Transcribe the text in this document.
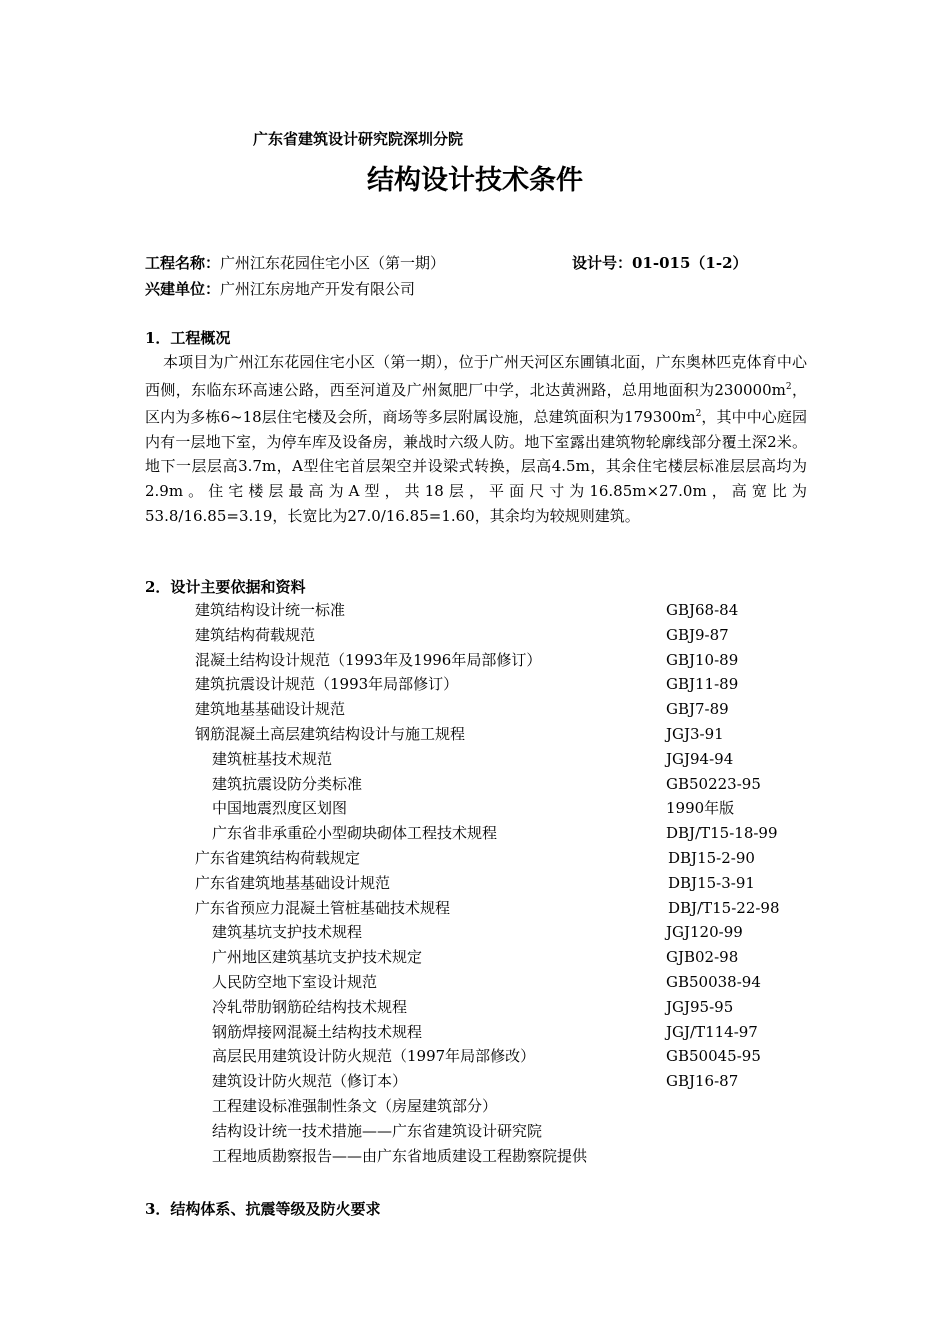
广东省建筑设计研究院深圳分院
结构设计技术条件
工程名称：广州江东花园住宅小区（第一期）	设计号：01-015（1-2）
兴建单位：广州江东房地产开发有限公司
1．工程概况

本项目为广州江东花园住宅小区（第一期），位于广州天河区东圃镇北面，广东奥林匹克体育中心西侧，东临东环高速公路，西至河道及广州氮肥厂中学，北达黄洲路，总用地面积为$230000m^2$，区内为多栋6~18层住宅楼及会所，商场等多层附属设施，总建筑面积为$179300m^2$，其中中心庭园内有一层地下室，为停车库及设备房，兼战时六级人防。地下室露出建筑物轮廓线部分覆土深2米。地下一层层高3.7m，A型住宅首层架空并设梁式转换，层高4.5m，其余住宅楼层标准层层高均为2.9m。住宅楼层最高为A型，共18层，平面尺寸为16.85m×27.0m，高宽比为53.8/16.85=3.19，长宽比为27.0/16.85=1.60，其余均为较规则建筑。

2．设计主要依据和资料
建筑结构设计统一标准	GBJ68-84
建筑结构荷载规范	GBJ9-87
混凝土结构设计规范（1993年及1996年局部修订）	GBJ10-89
建筑抗震设计规范（1993年局部修订）	GBJ11-89
建筑地基基础设计规范	GBJ7-89
钢筋混凝土高层建筑结构设计与施工规程	JGJ3-91
建筑桩基技术规范	JGJ94-94
建筑抗震设防分类标准	GB50223-95
中国地震烈度区划图	1990年版
广东省非承重砼小型砌块砌体工程技术规程	DBJ/T15-18-99
广东省建筑结构荷载规定	DBJ15-2-90
广东省建筑地基基础设计规范	DBJ15-3-91
广东省预应力混凝土管桩基础技术规程	DBJ/T15-22-98
建筑基坑支护技术规程	JGJ120-99
广州地区建筑基坑支护技术规定	GJB02-98
人民防空地下室设计规范	GB50038-94
冷轧带肋钢筋砼结构技术规程	JGJ95-95
钢筋焊接网混凝土结构技术规程	JGJ/T114-97
高层民用建筑设计防火规范（1997年局部修改）	GB50045-95
建筑设计防火规范（修订本）	GBJ16-87
工程建设标准强制性条文（房屋建筑部分）
结构设计统一技术措施——广东省建筑设计研究院
工程地质勘察报告——由广东省地质建设工程勘察院提供
3．结构体系、抗震等级及防火要求
